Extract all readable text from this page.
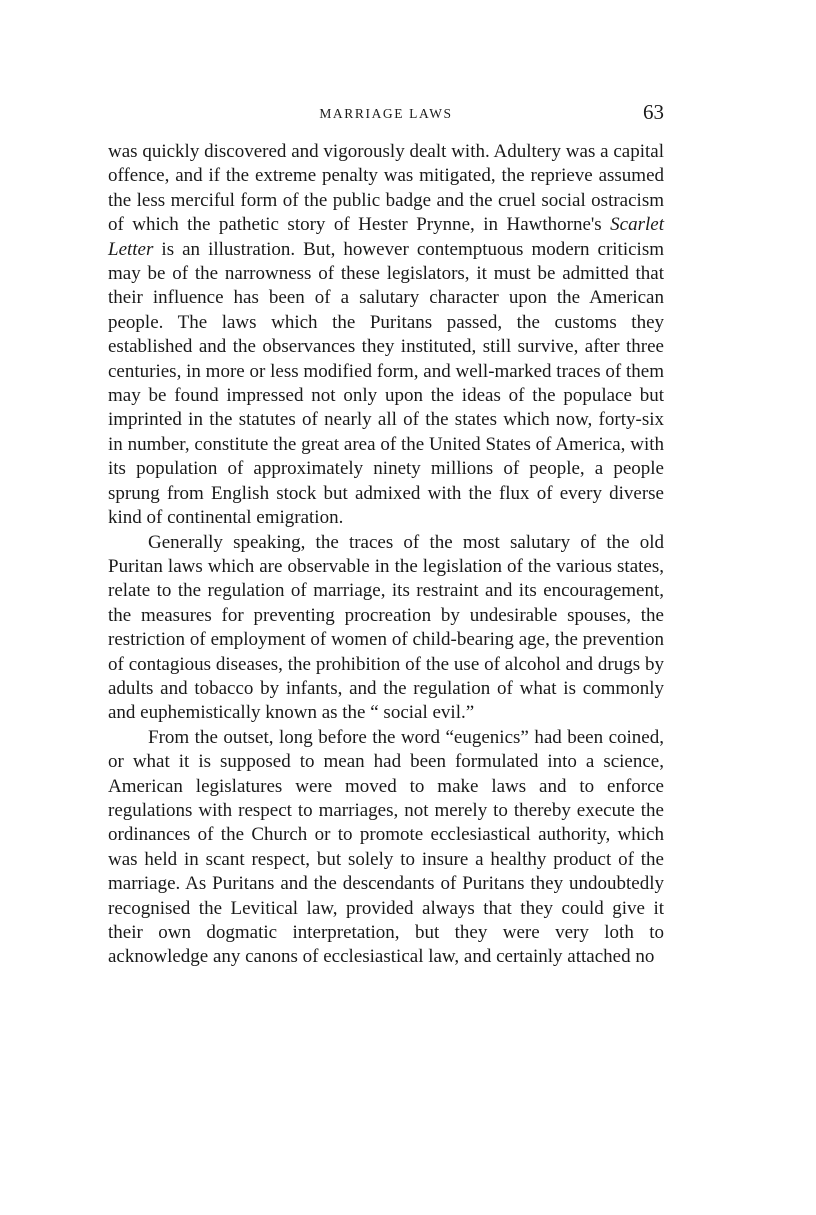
MARRIAGE LAWS	63

was quickly discovered and vigorously dealt with. Adultery was a capital offence, and if the extreme penalty was mitigated, the reprieve assumed the less merciful form of the public badge and the cruel social ostracism of which the pathetic story of Hester Prynne, in Hawthorne's Scarlet Letter is an illustration. But, however contemptuous modern criticism may be of the narrowness of these legislators, it must be admitted that their influence has been of a salutary character upon the American people. The laws which the Puritans passed, the customs they established and the observances they instituted, still survive, after three centuries, in more or less modified form, and well-marked traces of them may be found impressed not only upon the ideas of the populace but imprinted in the statutes of nearly all of the states which now, forty-six in number, constitute the great area of the United States of America, with its population of approximately ninety millions of people, a people sprung from English stock but admixed with the flux of every diverse kind of continental emigration.

Generally speaking, the traces of the most salutary of the old Puritan laws which are observable in the legislation of the various states, relate to the regulation of marriage, its restraint and its encouragement, the measures for preventing procreation by undesirable spouses, the restriction of employment of women of child-bearing age, the prevention of contagious diseases, the prohibition of the use of alcohol and drugs by adults and tobacco by infants, and the regulation of what is commonly and euphemistically known as the “ social evil.”

From the outset, long before the word “eugenics” had been coined, or what it is supposed to mean had been formulated into a science, American legislatures were moved to make laws and to enforce regulations with respect to marriages, not merely to thereby execute the ordinances of the Church or to promote ecclesiastical authority, which was held in scant respect, but solely to insure a healthy product of the marriage. As Puritans and the descendants of Puritans they undoubtedly recognised the Levitical law, provided always that they could give it their own dogmatic interpretation, but they were very loth to acknowledge any canons of ecclesiastical law, and certainly attached no
